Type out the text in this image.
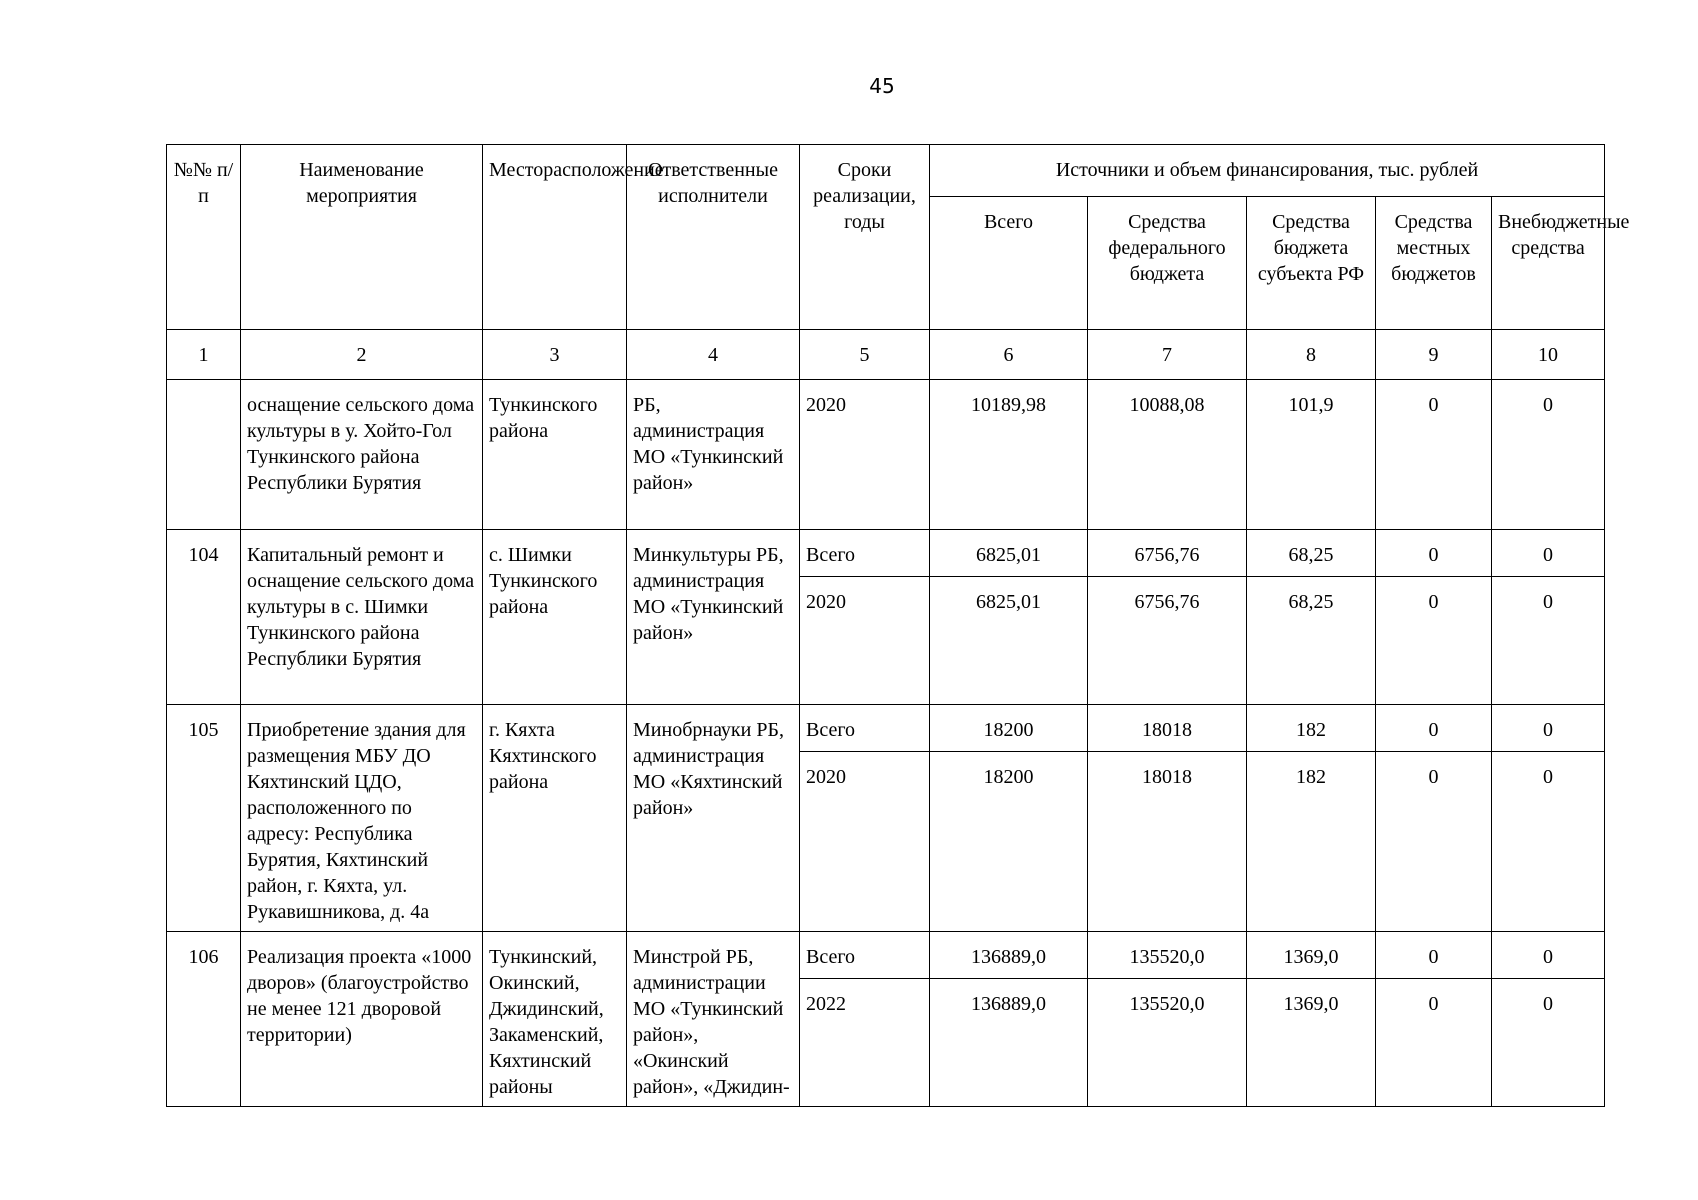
45
№№ п/п	Наименование мероприятия	Месторасположение	Ответственные исполнители	Сроки реализации, годы	Источники и объем финансирования, тыс. рублей				
					Всего	Средства федерального бюджета	Средства бюджета субъекта РФ	Средства местных бюджетов	Внебюджетные средства
1	2	3	4	5	6	7	8	9	10
	оснащение сельского дома культуры в у. Хойто-Гол Тункинского района Республики Бурятия	Тункинского района	РБ, администрация МО «Тункинский район»	2020	10189,98	10088,08	101,9	0	0
104	Капитальный ремонт и оснащение сельского дома культуры в с. Шимки Тункинского района Республики Бурятия	с. Шимки Тункинского района	Минкультуры РБ, администрация МО «Тункинский район»	Всего	6825,01	6756,76	68,25	0	0
				2020	6825,01	6756,76	68,25	0	0
105	Приобретение здания для размещения МБУ ДО Кяхтинский ЦДО, расположенного по адресу: Республика Бурятия, Кяхтинский район, г. Кяхта, ул. Рукавишникова, д. 4а	г. Кяхта Кяхтинского района	Минобрнауки РБ, администрация МО «Кяхтинский район»	Всего	18200	18018	182	0	0
				2020	18200	18018	182	0	0
106	Реализация проекта «1000 дворов» (благоустройство не менее 121 дворовой территории)	Тункинский, Окинский, Джидинский, Закаменский, Кяхтинский районы	Минстрой РБ, администрации МО «Тункинский район», «Окинский район», «Джидин-	Всего	136889,0	135520,0	1369,0	0	0
				2022	136889,0	135520,0	1369,0	0	0
